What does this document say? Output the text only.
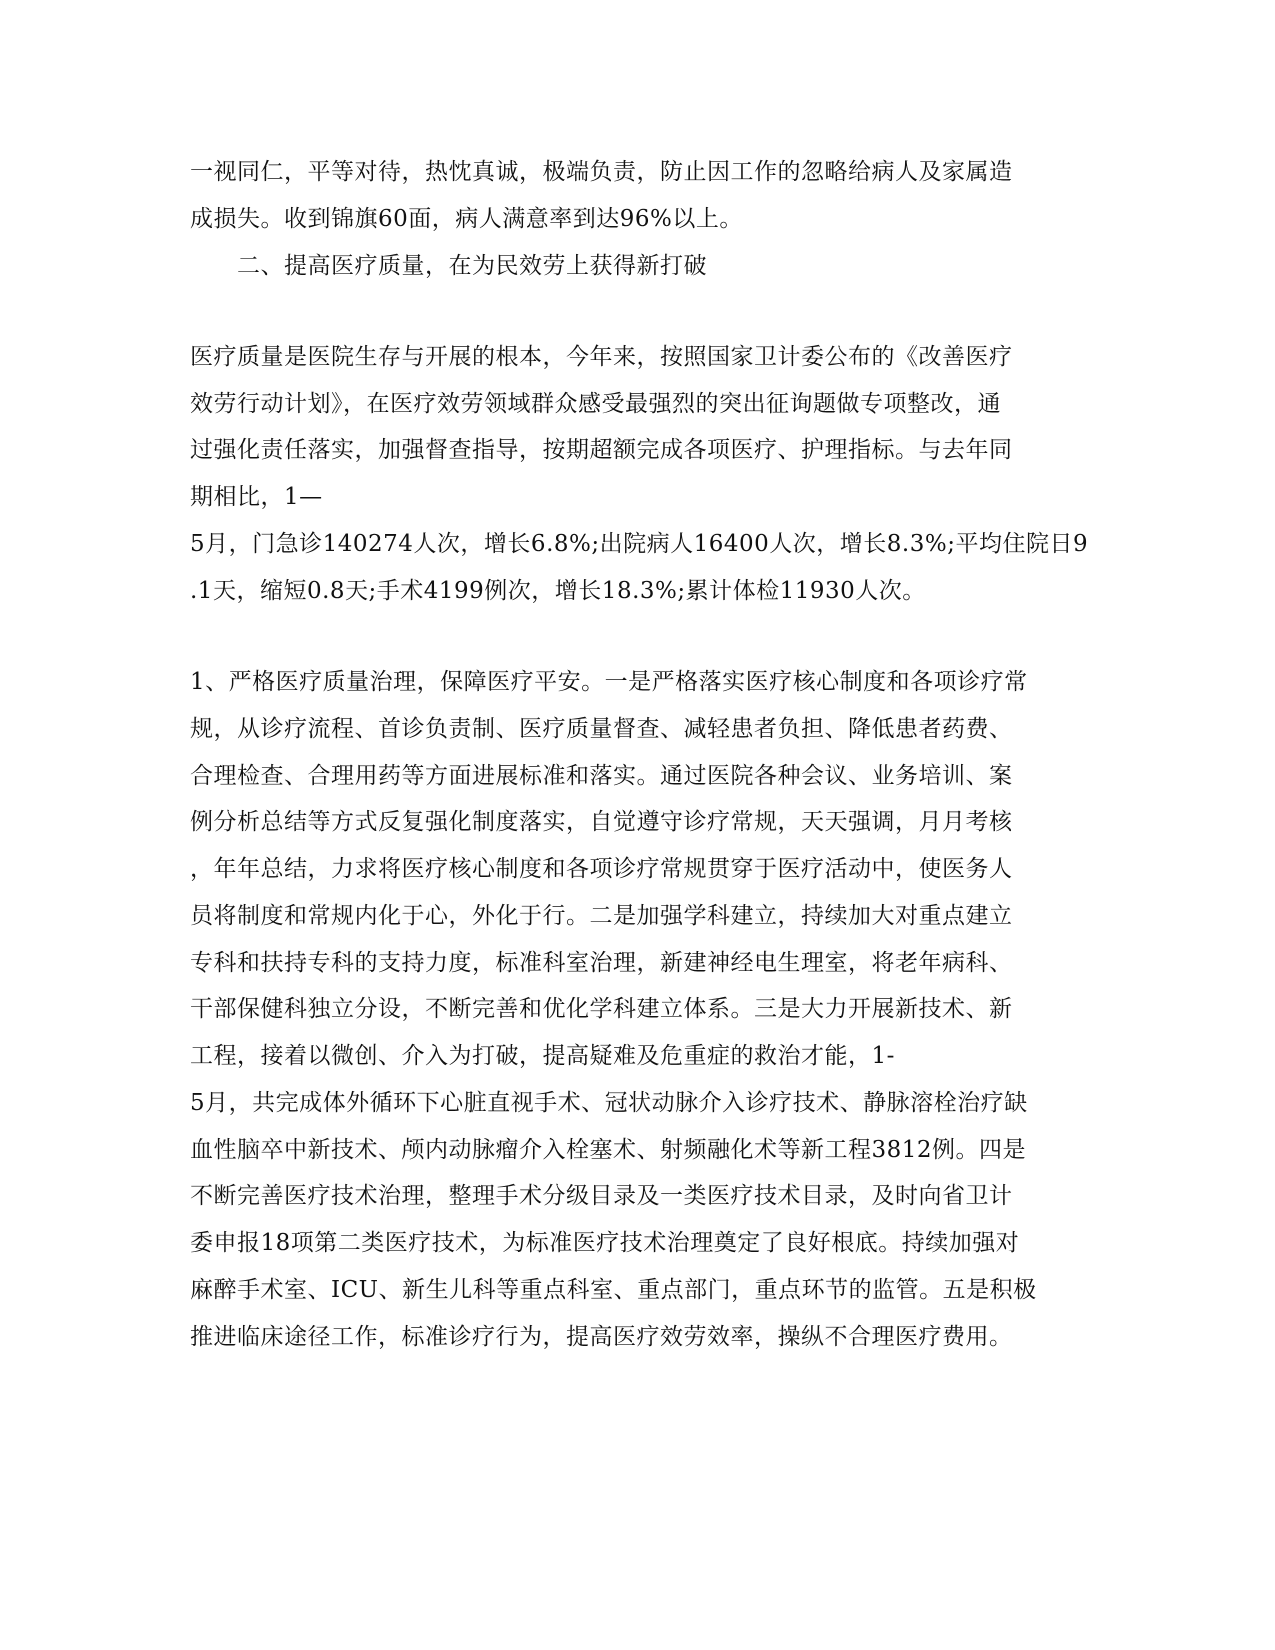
一视同仁，平等对待，热忱真诚，极端负责，防止因工作的忽略给病人及家属造
成损失。收到锦旗60面，病人满意率到达96%以上。
　　二、提高医疗质量，在为民效劳上获得新打破
医疗质量是医院生存与开展的根本，今年来，按照国家卫计委公布的《改善医疗
效劳行动计划》，在医疗效劳领域群众感受最强烈的突出征询题做专项整改，通
过强化责任落实，加强督查指导，按期超额完成各项医疗、护理指标。与去年同
期相比，1—
5月，门急诊140274人次，增长6.8%;出院病人16400人次，增长8.3%;平均住院日9
.1天，缩短0.8天;手术4199例次，增长18.3%;累计体检11930人次。
1、严格医疗质量治理，保障医疗平安。一是严格落实医疗核心制度和各项诊疗常
规，从诊疗流程、首诊负责制、医疗质量督查、减轻患者负担、降低患者药费、
合理检查、合理用药等方面进展标准和落实。通过医院各种会议、业务培训、案
例分析总结等方式反复强化制度落实，自觉遵守诊疗常规，天天强调，月月考核
，年年总结，力求将医疗核心制度和各项诊疗常规贯穿于医疗活动中，使医务人
员将制度和常规内化于心，外化于行。二是加强学科建立，持续加大对重点建立
专科和扶持专科的支持力度，标准科室治理，新建神经电生理室，将老年病科、
干部保健科独立分设，不断完善和优化学科建立体系。三是大力开展新技术、新
工程，接着以微创、介入为打破，提高疑难及危重症的救治才能，1-
5月，共完成体外循环下心脏直视手术、冠状动脉介入诊疗技术、静脉溶栓治疗缺
血性脑卒中新技术、颅内动脉瘤介入栓塞术、射频融化术等新工程3812例。四是
不断完善医疗技术治理，整理手术分级目录及一类医疗技术目录，及时向省卫计
委申报18项第二类医疗技术，为标准医疗技术治理奠定了良好根底。持续加强对
麻醉手术室、ICU、新生儿科等重点科室、重点部门，重点环节的监管。五是积极
推进临床途径工作，标准诊疗行为，提高医疗效劳效率，操纵不合理医疗费用。
